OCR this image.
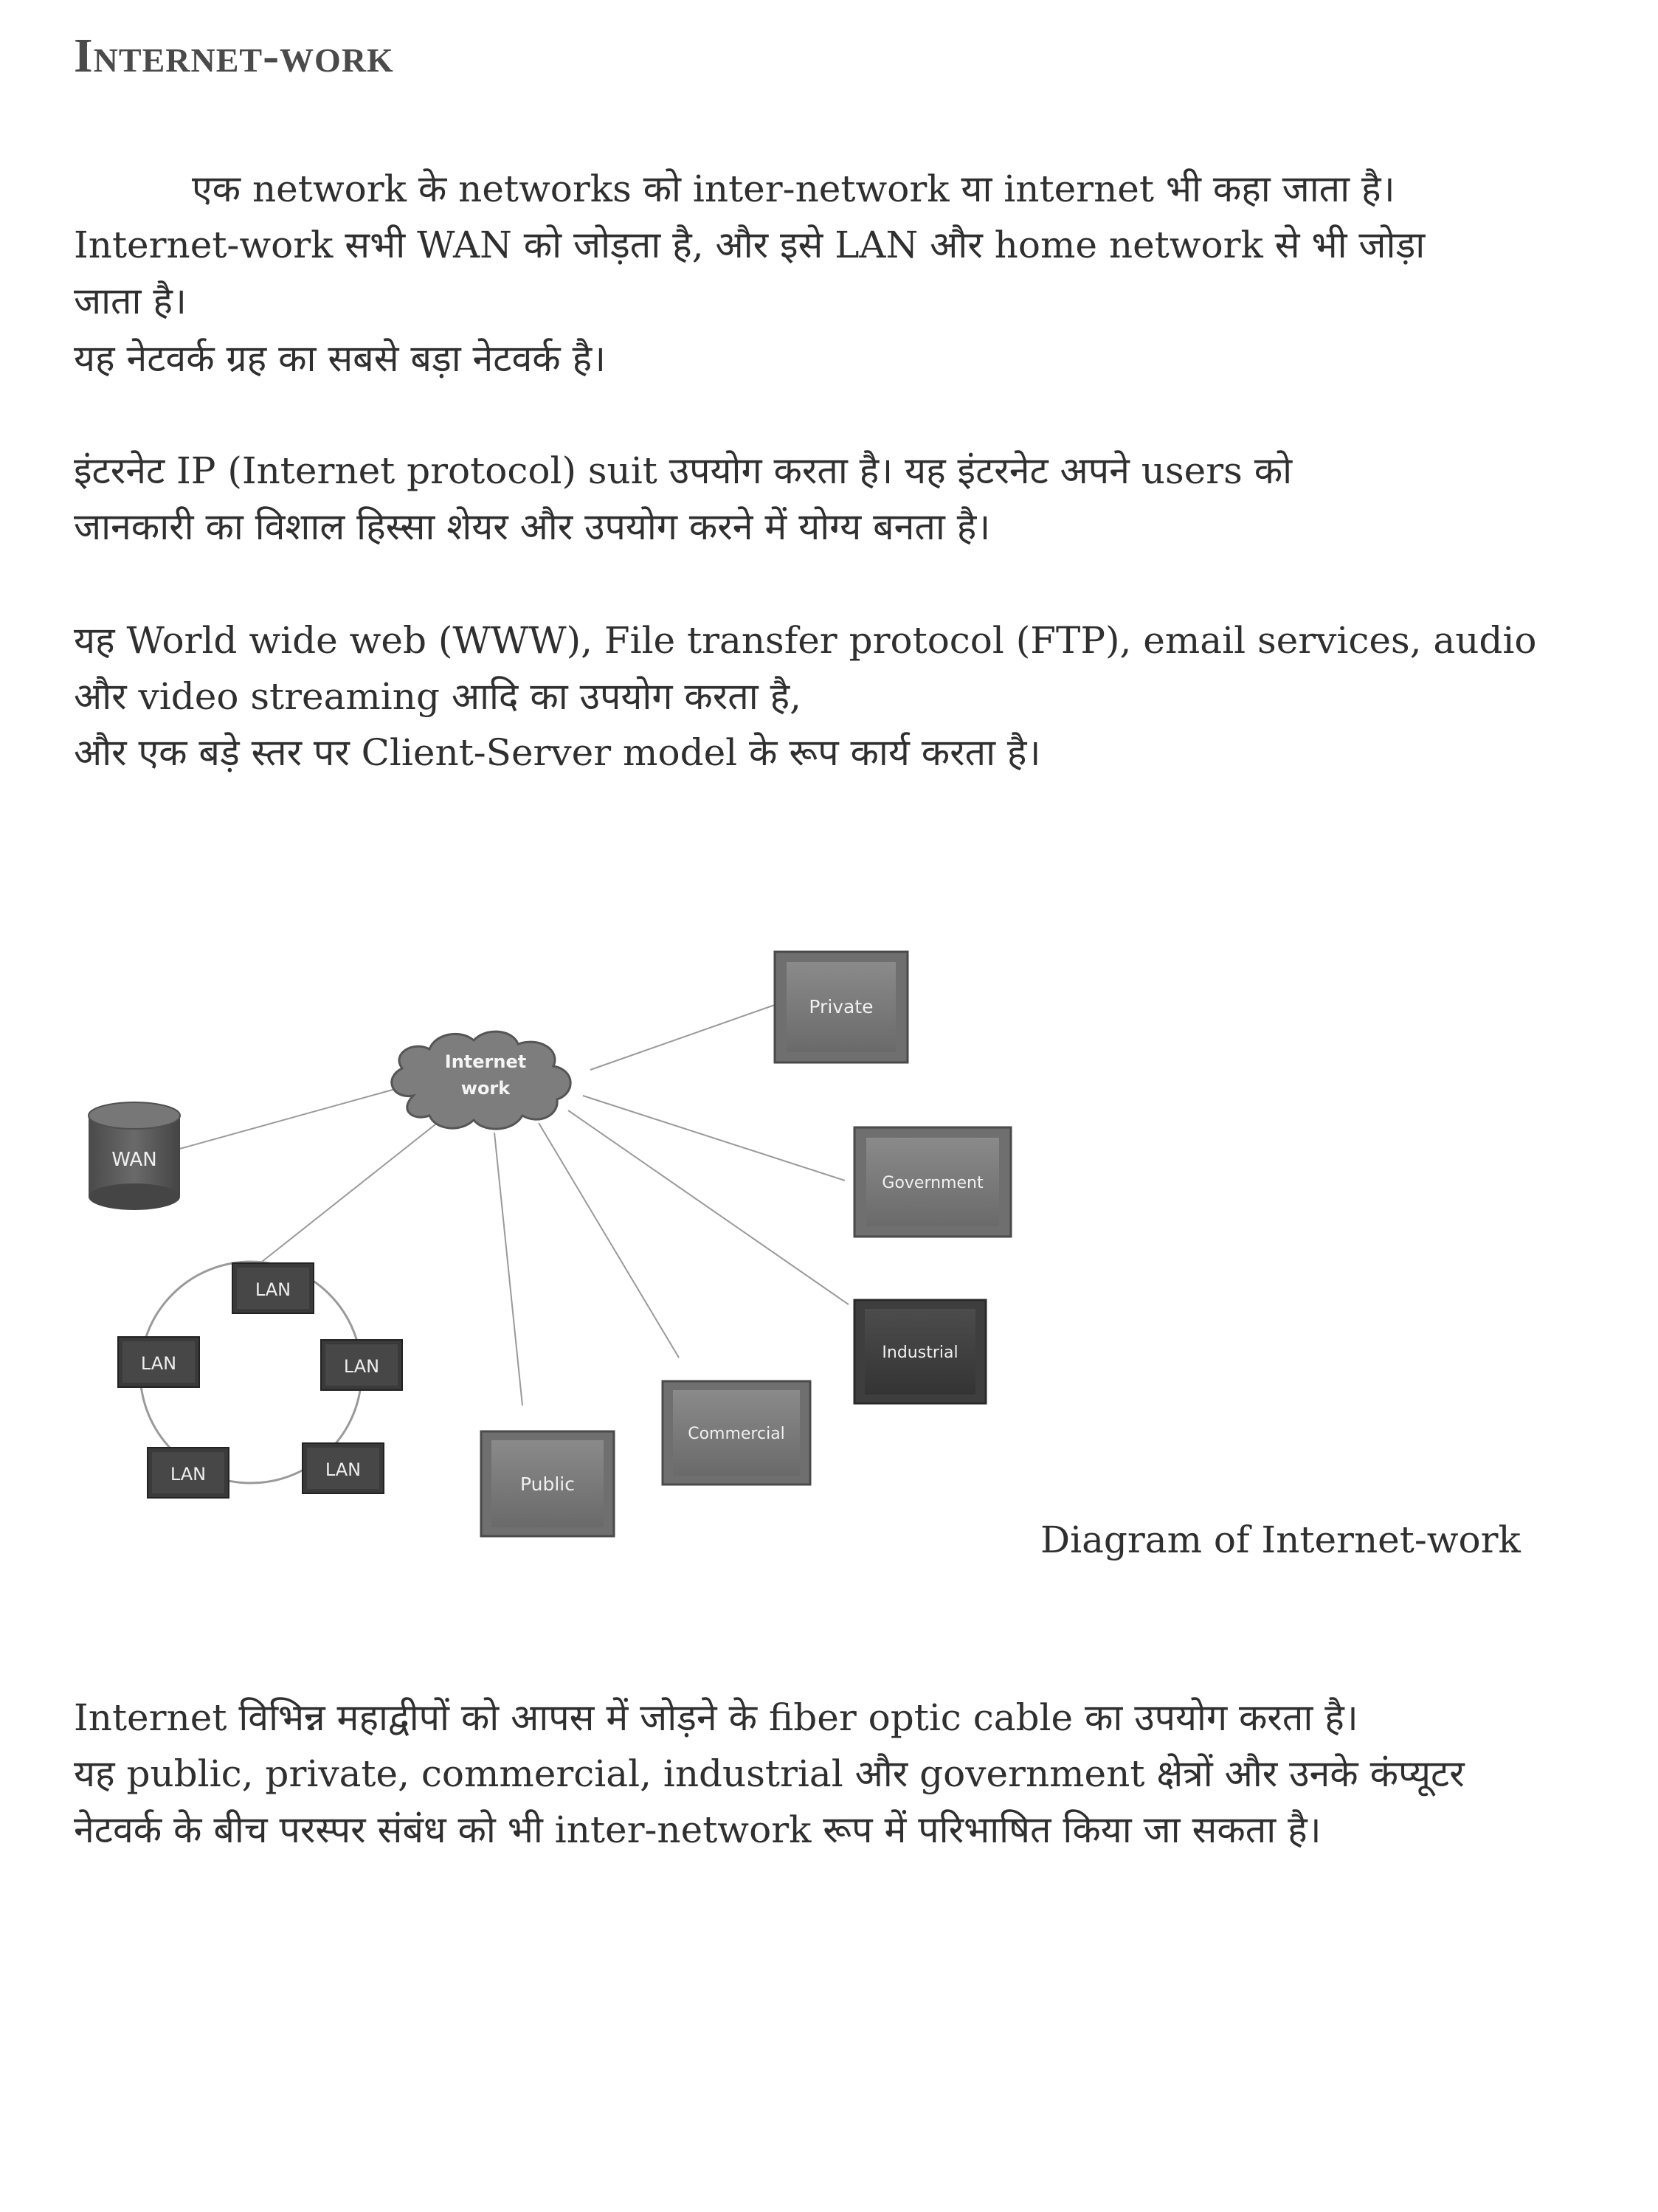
Internet-work
एक network के networks को inter-network या internet भी कहा जाता है।
Internet-work सभी WAN को जोड़ता है, और इसे LAN और home network से भी जोड़ा
जाता है।
यह नेटवर्क ग्रह का सबसे बड़ा नेटवर्क है।
इंटरनेट IP (Internet protocol) suit उपयोग करता है। यह इंटरनेट अपने users को
जानकारी का विशाल हिस्सा शेयर और उपयोग करने में योग्य बनता है।
यह World wide web (WWW), File transfer protocol (FTP), email services, audio
और video streaming आदि का उपयोग करता है,
और एक बड़े स्तर पर Client-Server model के रूप कार्य करता है।
Internet
work
WAN
Private
Government
Industrial
Commercial
Public
LAN
LAN	LAN
LAN	LAN
Diagram of Internet-work
Internet विभिन्न महाद्वीपों को आपस में जोड़ने के fiber optic cable का उपयोग करता है।
यह public, private, commercial, industrial और government क्षेत्रों और उनके कंप्यूटर
नेटवर्क के बीच परस्पर संबंध को भी inter-network रूप में परिभाषित किया जा सकता है।
